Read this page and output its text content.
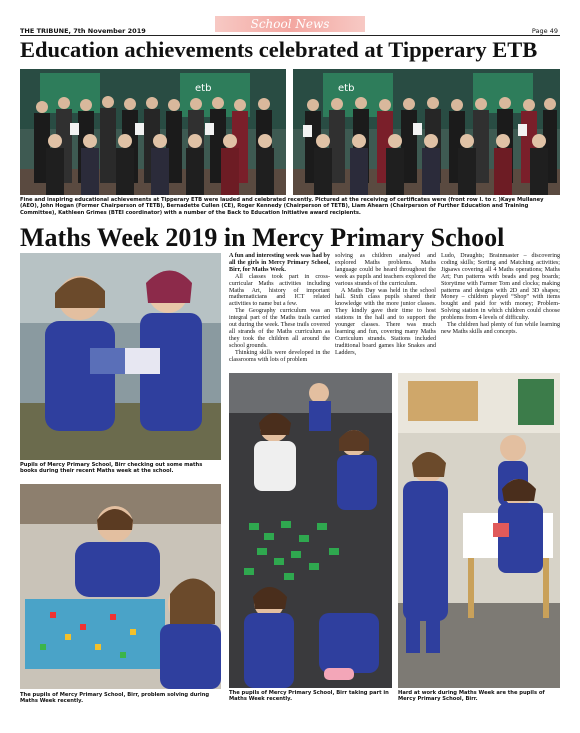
School News
THE TRIBUNE, 7th November 2019	Page 49
Education achievements celebrated at Tipperary ETB
etb	etb
Fine and inspiring educational achievements at Tipperary ETB were lauded and celebrated recently. Pictured at the receiving of certificates were (front row l. to r. )Kaye Mullaney (AEO), John Hogan (Former Chairperson of TETB), Bernadette Cullen (CE), Roger Kennedy (Chairperson of TETB), Liam Ahearn (Chairperson of Further Education and Training Committee), Kathleen Grimes (BTEI coordinator) with a number of the Back to Education Initiative award recipients.
Maths Week 2019 in Mercy Primary School
Pupils of Mercy Primary School, Birr checking out some maths books during their recent Maths week at the school.
The pupils of Mercy Primary School, Birr, problem solving during Maths Week recently.

A fun and interesting week was had by all the girls in Mercy Primary School, Birr, for Maths Week.

All classes took part in cross-curricular Maths activities including Maths Art, history of important mathematicians and ICT related activities to name but a few.

The Geography curriculum was an integral part of the Maths trails carried out during the week. These trails covered all strands of the Maths curriculum as they took the children all around the school grounds.

Thinking skills were developed in the classrooms with lots of problem

solving as children analysed and explored Maths problems. Maths language could be heard throughout the week as pupils and teachers explored the various strands of the curriculum.

A Maths Day was held in the school hall. Sixth class pupils shared their knowledge with the more junior classes. They kindly gave their time to host stations in the hall and to support the younger classes. There was much learning and fun, covering many Maths Curriculum strands. Stations included traditional board games like Snakes and Ladders,

Ludo, Draughts; Brainmaster – discovering coding skills; Sorting and Matching activities; Jigsaws covering all 4 Maths operations; Maths Art; Fun patterns with beads and peg boards; Storytime with Farmer Tom and clocks; making patterns and designs with 2D and 3D shapes; Money – children played “Shop” with items bought and paid for with money; Problem-Solving station in which children could choose problems from 4 levels of difficulty.

The children had plenty of fun while learning new Maths skills and concepts.

The pupils of Mercy Primary School, Birr taking part in Maths Week recently.
Hard at work during Maths Week are the pupils of Mercy Primary School, Birr.
